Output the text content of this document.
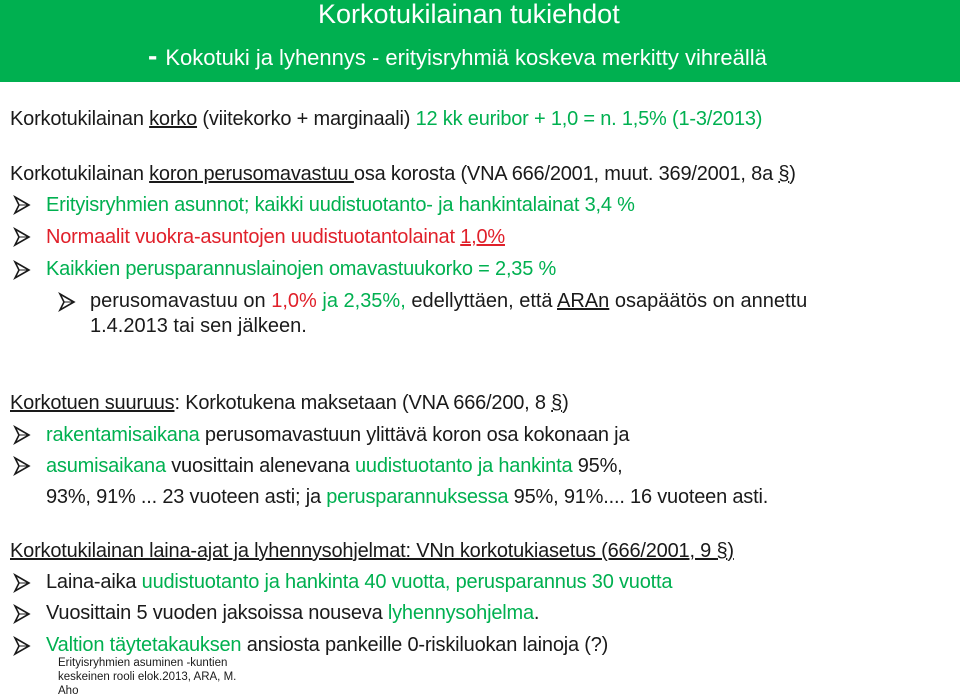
Korkotukilainan tukiehdot
- Kokotuki ja lyhennys - erityisryhmiä koskeva merkitty vihreällä
Korkotukilainan korko (viitekorko + marginaali) 12 kk euribor + 1,0 = n. 1,5% (1-3/2013)
Korkotukilainan koron perusomavastuu osa korosta (VNA 666/2001, muut. 369/2001, 8a §)
Erityisryhmien asunnot; kaikki uudistuotanto- ja hankintalainat 3,4 %
Normaalit vuokra-asuntojen uudistuotantolainat 1,0%
Kaikkien perusparannuslainojen omavastuukorko = 2,35 %
perusomavastuu on 1,0% ja 2,35%, edellyttäen, että ARAn osapäätös on annettu
1.4.2013 tai sen jälkeen.
Korkotuen suuruus: Korkotukena maksetaan (VNA 666/200, 8 §)
rakentamisaikana perusomavastuun ylittävä koron osa kokonaan ja
asumisaikana vuosittain alenevana uudistuotanto ja hankinta 95%,
93%, 91% ... 23 vuoteen asti; ja perusparannuksessa 95%, 91%.... 16 vuoteen asti.
Korkotukilainan laina-ajat ja lyhennysohjelmat: VNn korkotukiasetus (666/2001, 9 §)
Laina-aika uudistuotanto ja hankinta 40 vuotta, perusparannus 30 vuotta
Vuosittain 5 vuoden jaksoissa nouseva lyhennysohjelma.
Valtion täytetakauksen ansiosta pankeille 0-riskiluokan lainoja (?)
Erityisryhmien asuminen -kuntien
keskeinen rooli elok.2013, ARA, M.
Aho
